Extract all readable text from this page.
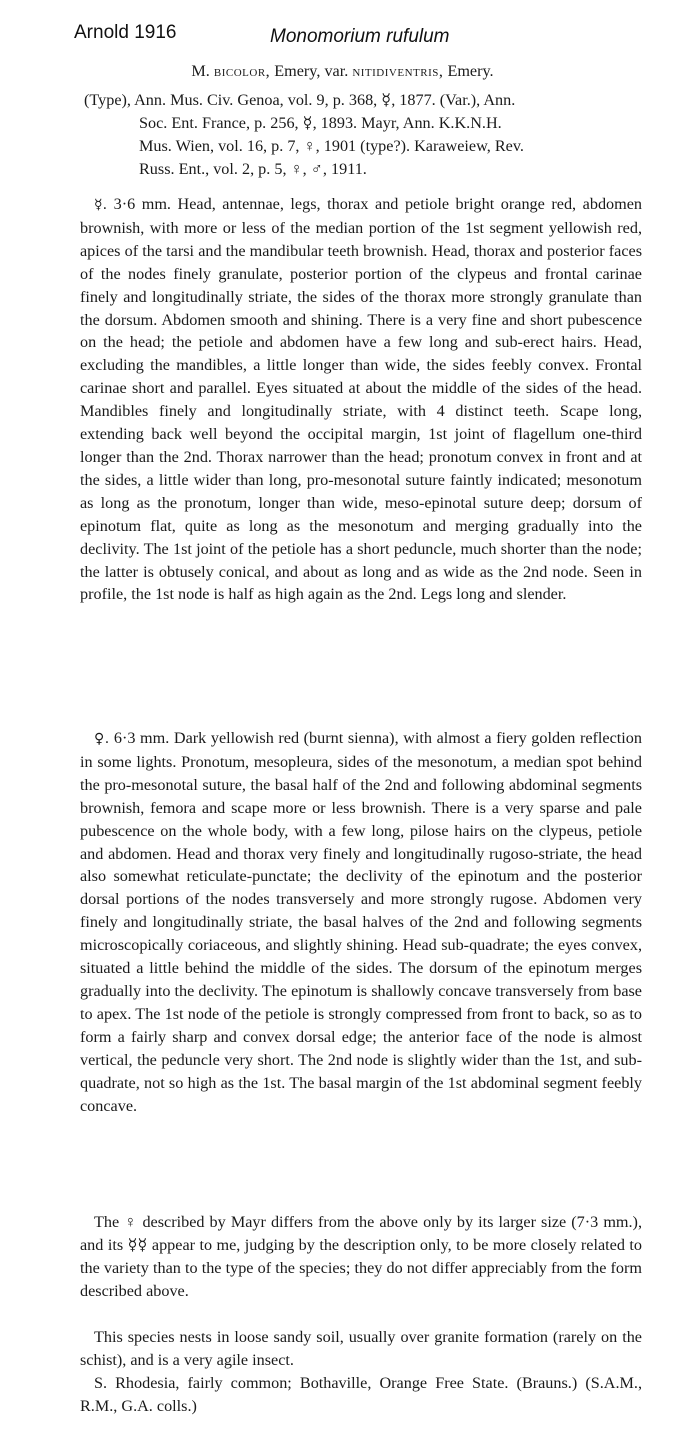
Arnold 1916	Monomorium rufulum
M. bicolor, Emery, var. nitidiventris, Emery.
(Type), Ann. Mus. Civ. Genoa, vol. 9, p. 368, ☿, 1877. (Var.), Ann.
Soc. Ent. France, p. 256, ☿, 1893. Mayr, Ann. K.K.N.H.
Mus. Wien, vol. 16, p. 7, ♀, 1901 (type?). Karaweiew, Rev.
Russ. Ent., vol. 2, p. 5, ♀, ♂, 1911.
☿. 3·6 mm. Head, antennae, legs, thorax and petiole bright orange red, abdomen brownish, with more or less of the median portion of the 1st segment yellowish red, apices of the tarsi and the mandibular teeth brownish. Head, thorax and posterior faces of the nodes finely granulate, posterior portion of the clypeus and frontal carinae finely and longitudinally striate, the sides of the thorax more strongly granulate than the dorsum. Abdomen smooth and shining. There is a very fine and short pubescence on the head; the petiole and abdomen have a few long and sub-erect hairs. Head, excluding the mandibles, a little longer than wide, the sides feebly convex. Frontal carinae short and parallel. Eyes situated at about the middle of the sides of the head. Mandibles finely and longitudinally striate, with 4 distinct teeth. Scape long, extending back well beyond the occipital margin, 1st joint of flagellum one-third longer than the 2nd. Thorax narrower than the head; pronotum convex in front and at the sides, a little wider than long, pro-mesonotal suture faintly indicated; mesonotum as long as the pronotum, longer than wide, meso-epinotal suture deep; dorsum of epinotum flat, quite as long as the mesonotum and merging gradually into the declivity. The 1st joint of the petiole has a short peduncle, much shorter than the node; the latter is obtusely conical, and about as long and as wide as the 2nd node. Seen in profile, the 1st node is half as high again as the 2nd. Legs long and slender.
♀. 6·3 mm. Dark yellowish red (burnt sienna), with almost a fiery golden reflection in some lights. Pronotum, mesopleura, sides of the mesonotum, a median spot behind the pro-mesonotal suture, the basal half of the 2nd and following abdominal segments brownish, femora and scape more or less brownish. There is a very sparse and pale pubescence on the whole body, with a few long, pilose hairs on the clypeus, petiole and abdomen. Head and thorax very finely and longitudinally rugoso-striate, the head also somewhat reticulate-punctate; the declivity of the epinotum and the posterior dorsal portions of the nodes transversely and more strongly rugose. Abdomen very finely and longitudinally striate, the basal halves of the 2nd and following segments microscopically coriaceous, and slightly shining. Head sub-quadrate; the eyes convex, situated a little behind the middle of the sides. The dorsum of the epinotum merges gradually into the declivity. The epinotum is shallowly concave transversely from base to apex. The 1st node of the petiole is strongly compressed from front to back, so as to form a fairly sharp and convex dorsal edge; the anterior face of the node is almost vertical, the peduncle very short. The 2nd node is slightly wider than the 1st, and sub-quadrate, not so high as the 1st. The basal margin of the 1st abdominal segment feebly concave.
The ♀ described by Mayr differs from the above only by its larger size (7·3 mm.), and its ☿☿ appear to me, judging by the description only, to be more closely related to the variety than to the type of the species; they do not differ appreciably from the form described above.
This species nests in loose sandy soil, usually over granite formation (rarely on the schist), and is a very agile insect.
S. Rhodesia, fairly common; Bothaville, Orange Free State. (Brauns.) (S.A.M., R.M., G.A. colls.)
